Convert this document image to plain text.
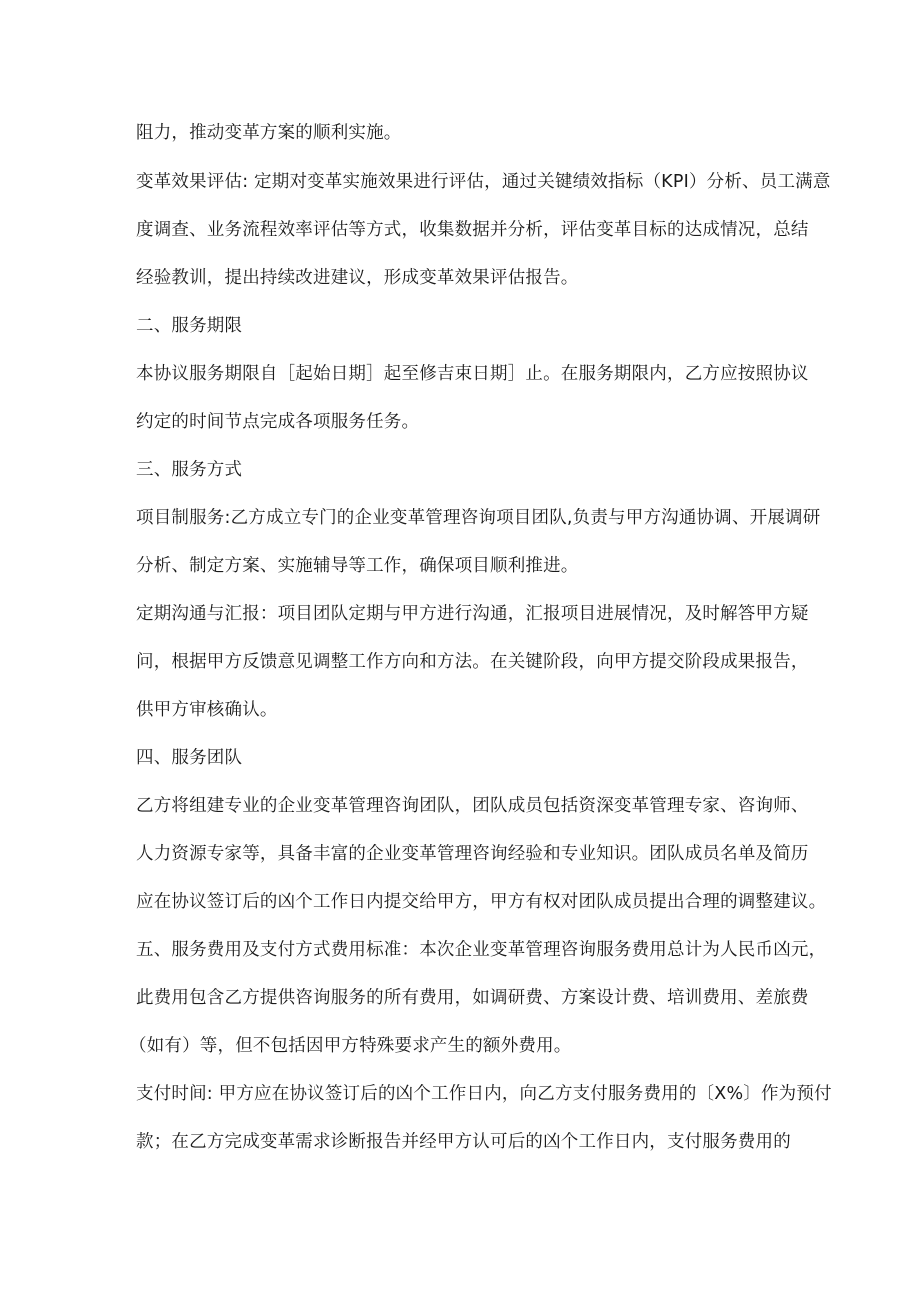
阻力，推动变革方案的顺利实施。
变革效果评估: 定期对变革实施效果进行评估，通过关键绩效指标（KPI）分析、员工满意
度调查、业务流程效率评估等方式，收集数据并分析，评估变革目标的达成情况，总结
经验教训，提出持续改进建议，形成变革效果评估报告。
二、服务期限
本协议服务期限自［起始日期］起至修吉束日期］止。在服务期限内，乙方应按照协议
约定的时间节点完成各项服务任务。
三、服务方式
项目制服务:乙方成立专门的企业变革管理咨询项目团队,负责与甲方沟通协调、开展调研
分析、制定方案、实施辅导等工作，确保项目顺利推进。
定期沟通与汇报：项目团队定期与甲方进行沟通，汇报项目进展情况，及时解答甲方疑
问，根据甲方反馈意见调整工作方向和方法。在关键阶段，向甲方提交阶段成果报告，
供甲方审核确认。
四、服务团队
乙方将组建专业的企业变革管理咨询团队，团队成员包括资深变革管理专家、咨询师、
人力资源专家等，具备丰富的企业变革管理咨询经验和专业知识。团队成员名单及简历
应在协议签订后的凶个工作日内提交给甲方，甲方有权对团队成员提出合理的调整建议。
五、服务费用及支付方式费用标准：本次企业变革管理咨询服务费用总计为人民币凶元，
此费用包含乙方提供咨询服务的所有费用，如调研费、方案设计费、培训费用、差旅费
（如有）等，但不包括因甲方特殊要求产生的额外费用。
支付时间: 甲方应在协议签订后的凶个工作日内，向乙方支付服务费用的〔X%〕作为预付
款；在乙方完成变革需求诊断报告并经甲方认可后的凶个工作日内，支付服务费用的
